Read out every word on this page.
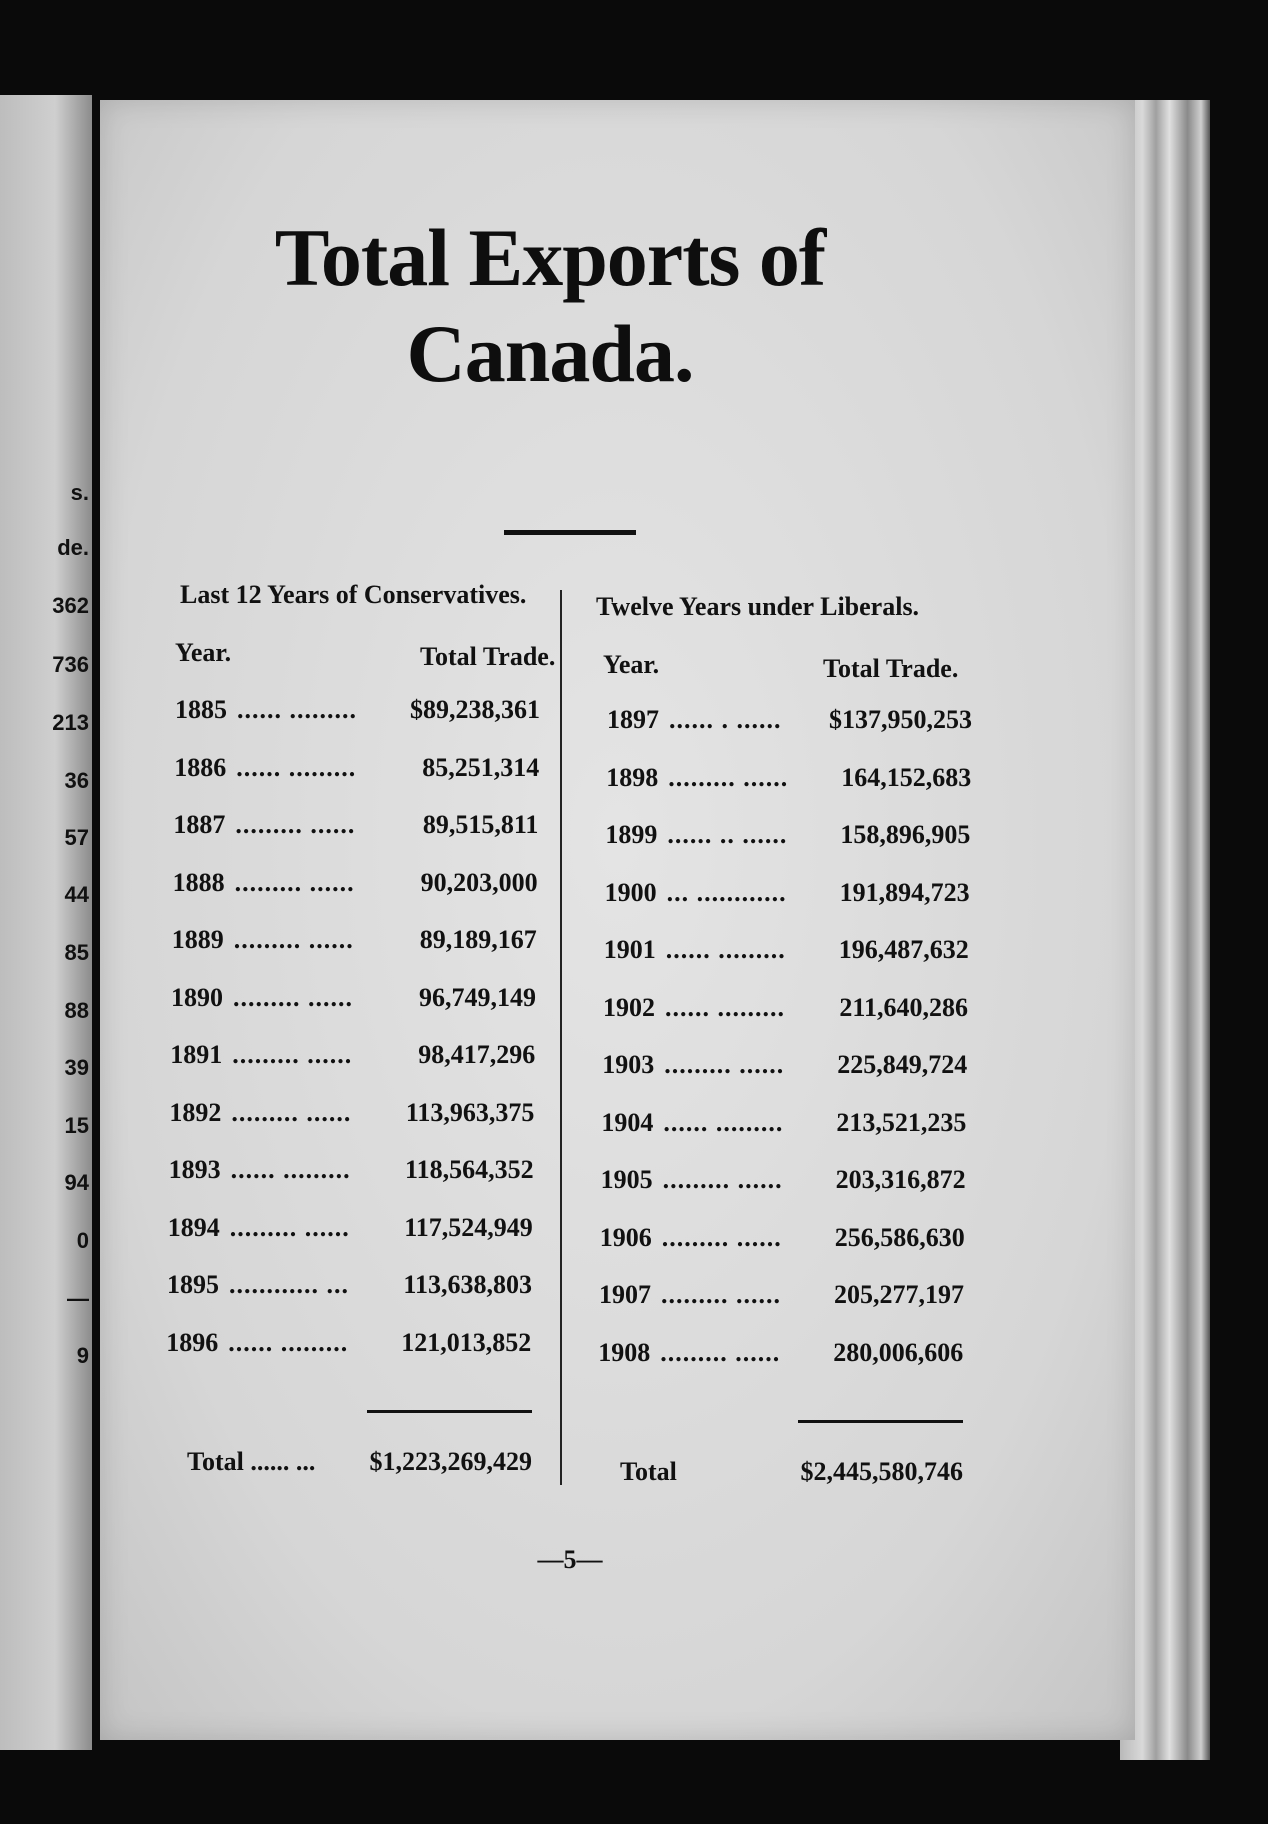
s.
de.
362
736
213
36
57
44
85
88
39
15
94
0
—
9
Total Exports of
Canada.
Last 12 Years of Conservatives.
Year.	Total Trade.
1885 ...... ......... $89,238,361
1886 ...... .........	85,251,314
1887 ......... ......	89,515,811
1888 ......... ......	90,203,000
1889 ......... ......	89,189,167
1890 ......... ......	96,749,149
1891 ......... ......	98,417,296
1892 ......... ...... 113,963,375
1893 ...... ......... 118,564,352
1894 ......... ...... 117,524,949
1895 ............ ... 113,638,803
1896 ...... ......... 121,013,852
Twelve Years under Liberals.
Year.	Total Trade.
1897 ...... . ...... $137,950,253
1898 ......... ...... 164,152,683
1899 ...... .. ...... 158,896,905
1900 ... ............ 191,894,723
1901 ...... ......... 196,487,632
1902 ...... ......... 211,640,286
1903 ......... ...... 225,849,724
1904 ...... ......... 213,521,235
1905 ......... ...... 203,316,872
1906 ......... ...... 256,586,630
1907 ......... ...... 205,277,197
1908 ......... ...... 280,006,606
Total ...... ... $1,223,269,429	Total	$2,445,580,746
—5—
